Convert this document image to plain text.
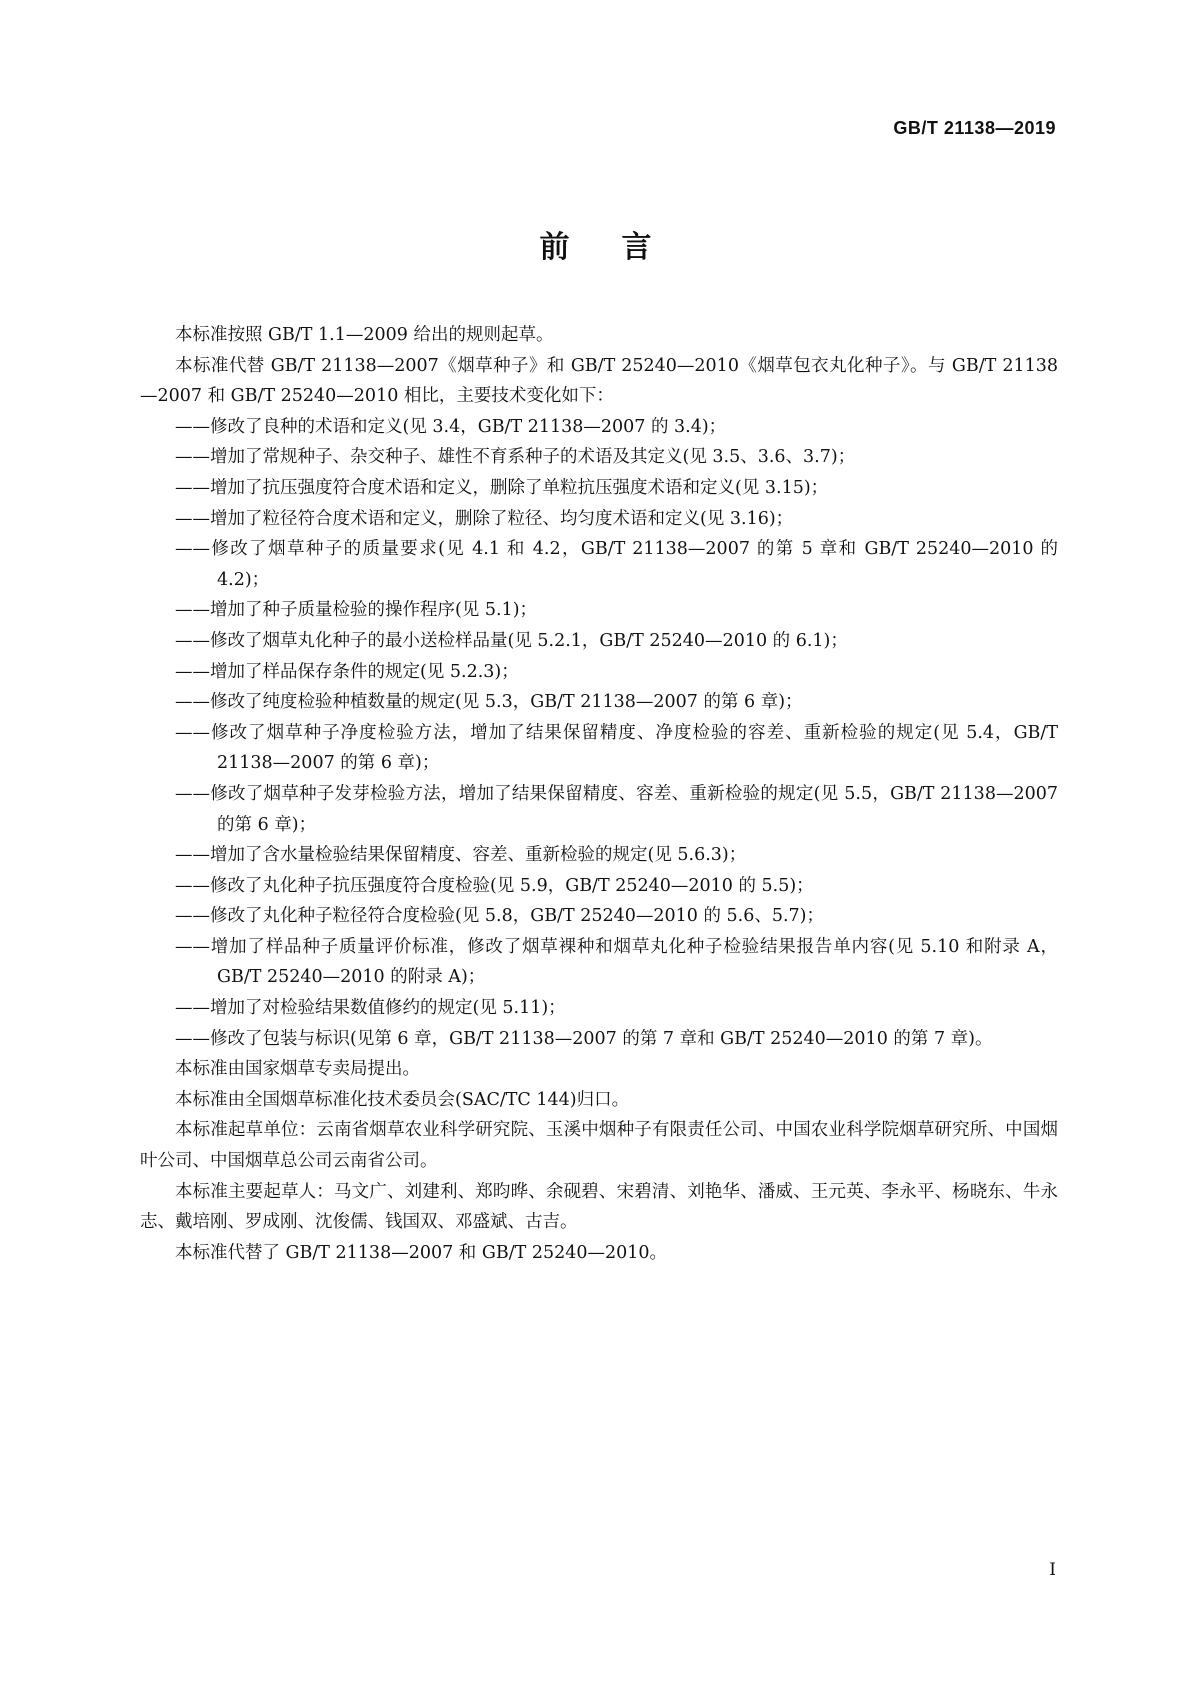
GB/T 21138—2019
前言

本标准按照 GB/T 1.1—2009 给出的规则起草。

本标准代替 GB/T 21138—2007《烟草种子》和 GB/T 25240—2010《烟草包衣丸化种子》。与 GB/T 21138—2007 和 GB/T 25240—2010 相比，主要技术变化如下：

——修改了良种的术语和定义(见 3.4，GB/T 21138—2007 的 3.4)；

——增加了常规种子、杂交种子、雄性不育系种子的术语及其定义(见 3.5、3.6、3.7)；

——增加了抗压强度符合度术语和定义，删除了单粒抗压强度术语和定义(见 3.15)；

——增加了粒径符合度术语和定义，删除了粒径、均匀度术语和定义(见 3.16)；

——修改了烟草种子的质量要求(见 4.1 和 4.2，GB/T 21138—2007 的第 5 章和 GB/T 25240—2010 的 4.2)；

——增加了种子质量检验的操作程序(见 5.1)；

——修改了烟草丸化种子的最小送检样品量(见 5.2.1，GB/T 25240—2010 的 6.1)；

——增加了样品保存条件的规定(见 5.2.3)；

——修改了纯度检验种植数量的规定(见 5.3，GB/T 21138—2007 的第 6 章)；

——修改了烟草种子净度检验方法，增加了结果保留精度、净度检验的容差、重新检验的规定(见 5.4，GB/T 21138—2007 的第 6 章)；

——修改了烟草种子发芽检验方法，增加了结果保留精度、容差、重新检验的规定(见 5.5，GB/T 21138—2007 的第 6 章)；

——增加了含水量检验结果保留精度、容差、重新检验的规定(见 5.6.3)；

——修改了丸化种子抗压强度符合度检验(见 5.9，GB/T 25240—2010 的 5.5)；

——修改了丸化种子粒径符合度检验(见 5.8，GB/T 25240—2010 的 5.6、5.7)；

——增加了样品种子质量评价标准，修改了烟草裸种和烟草丸化种子检验结果报告单内容(见 5.10 和附录 A，GB/T 25240—2010 的附录 A)；

——增加了对检验结果数值修约的规定(见 5.11)；

——修改了包装与标识(见第 6 章，GB/T 21138—2007 的第 7 章和 GB/T 25240—2010 的第 7 章)。

本标准由国家烟草专卖局提出。

本标准由全国烟草标准化技术委员会(SAC/TC 144)归口。

本标准起草单位：云南省烟草农业科学研究院、玉溪中烟种子有限责任公司、中国农业科学院烟草研究所、中国烟叶公司、中国烟草总公司云南省公司。

本标准主要起草人：马文广、刘建利、郑昀晔、余砚碧、宋碧清、刘艳华、潘威、王元英、李永平、杨晓东、牛永志、戴培刚、罗成刚、沈俊儒、钱国双、邓盛斌、古吉。

本标准代替了 GB/T 21138—2007 和 GB/T 25240—2010。

I
